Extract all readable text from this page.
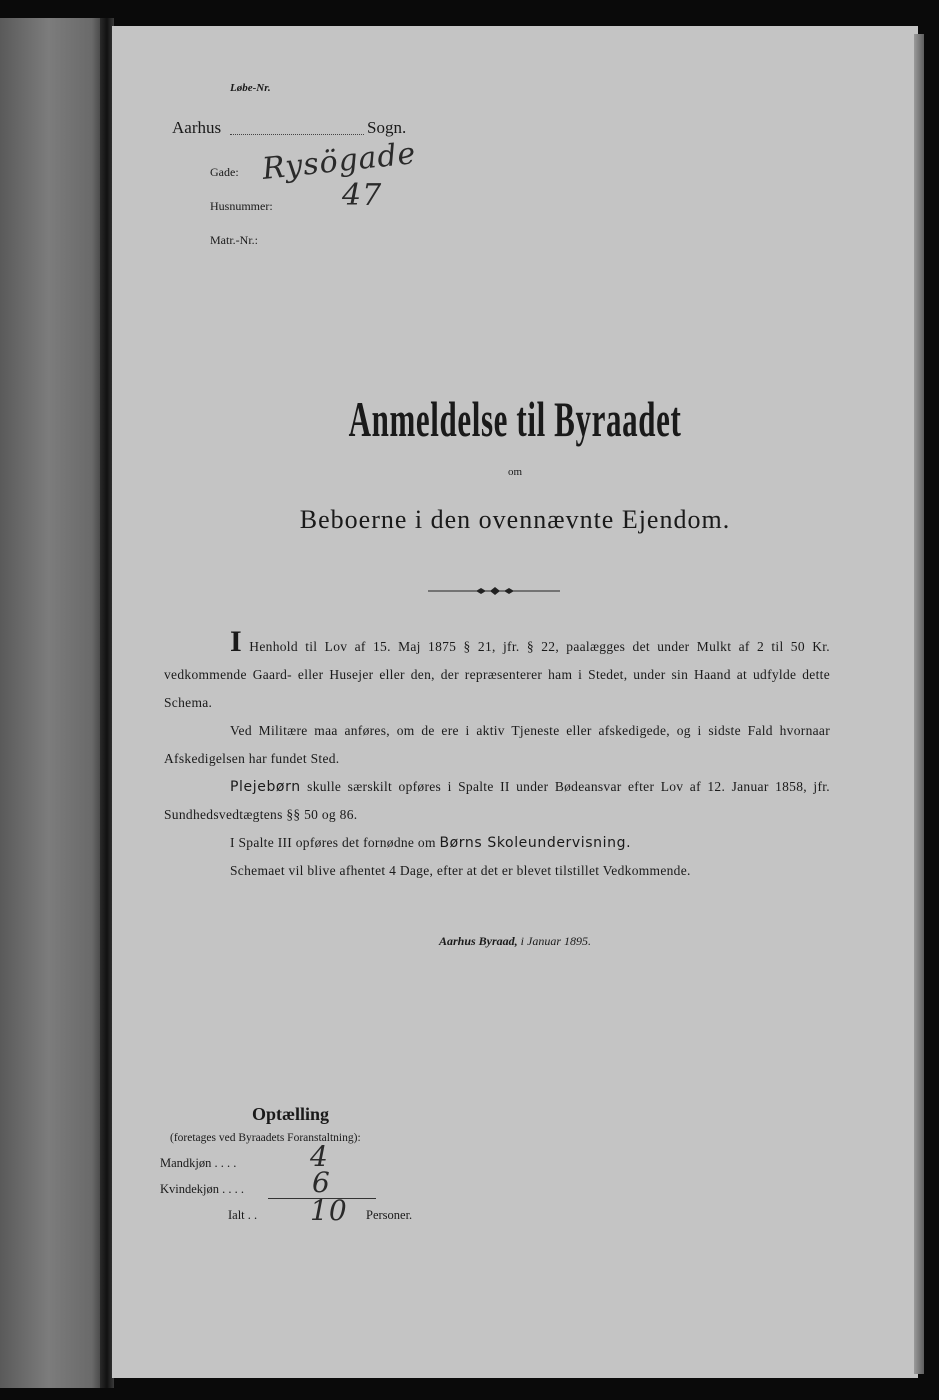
Løbe-Nr.
Aarhus	Sogn.
Gade: Rysögade
Husnummer: 47
Matr.-Nr.:
Anmeldelse til Byraadet
om
Beboerne i den ovennævnte Ejendom.

I Henhold til Lov af 15. Maj 1875 § 21, jfr. § 22, paalægges det under Mulkt af 2 til 50 Kr. vedkommende Gaard- eller Husejer eller den, der repræsenterer ham i Stedet, under sin Haand at udfylde dette Schema.

Ved Militære maa anføres, om de ere i aktiv Tjeneste eller afskedigede, og i sidste Fald hvornaar Afskedigelsen har fundet Sted.

Plejebørn skulle særskilt opføres i Spalte II under Bødeansvar efter Lov af 12. Januar 1858, jfr. Sundhedsvedtægtens §§ 50 og 86.

I Spalte III opføres det fornødne om Børns Skoleundervisning.

Schemaet vil blive afhentet 4 Dage, efter at det er blevet tilstillet Vedkommende.

Aarhus Byraad, i Januar 1895.
Optælling
(foretages ved Byraadets Foranstaltning):
Mandkjøn . . . .	4
Kvindekjøn . . . . 6
Ialt . . 10 Personer.
